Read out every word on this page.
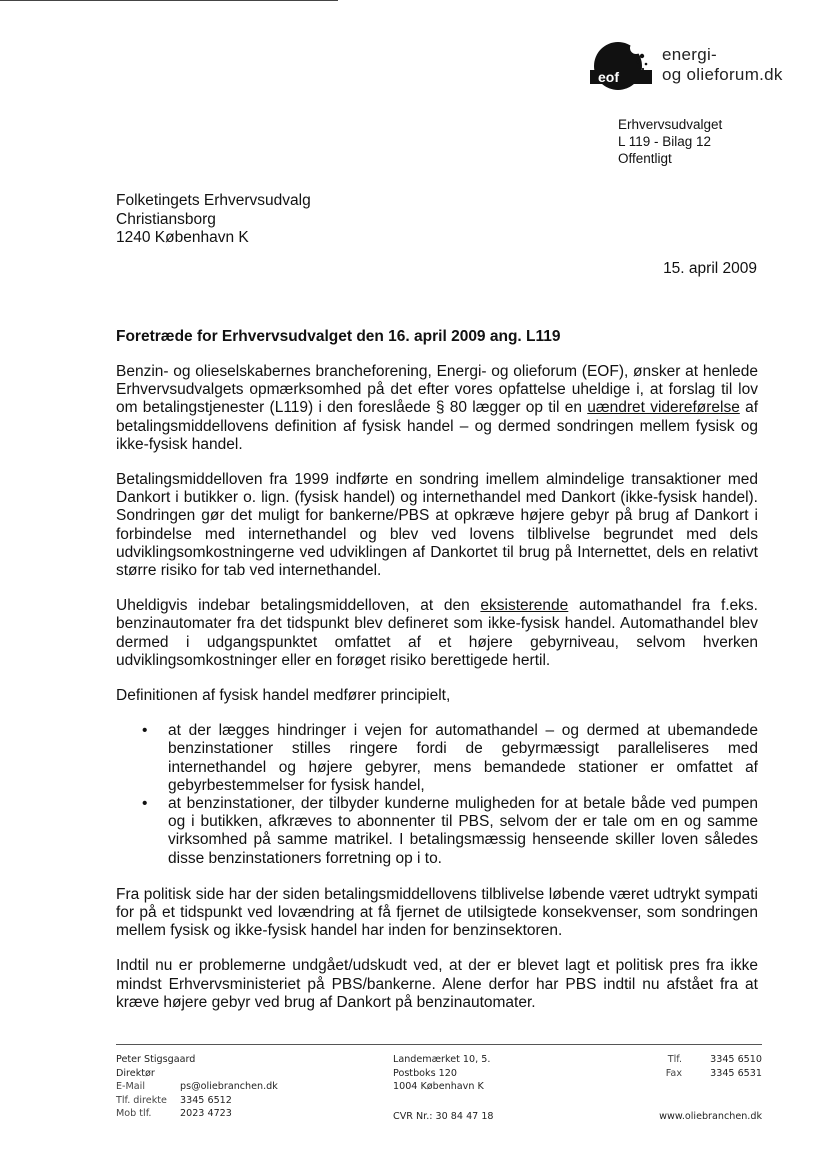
eof
energi-
og olieforum.dk
Erhvervsudvalget
L 119 - Bilag 12
Offentligt
Folketingets Erhvervsudvalg
Christiansborg
1240 København K
15. april 2009
Foretræde for Erhvervsudvalget den 16. april 2009 ang. L119

Benzin- og olieselskabernes brancheforening, Energi- og olieforum (EOF), ønsker at henlede Erhvervsudvalgets opmærksomhed på det efter vores opfattelse uheldige i, at forslag til lov om betalingstjenester (L119) i den foreslåede § 80 lægger op til en uændret videreførelse af betalingsmiddellovens definition af fysisk handel – og dermed sondringen mellem fysisk og ikke-fysisk handel.

Betalingsmiddelloven fra 1999 indførte en sondring imellem almindelige transaktioner med Dankort i butikker o. lign. (fysisk handel) og internethandel med Dankort (ikke-fysisk handel). Sondringen gør det muligt for bankerne/PBS at opkræve højere gebyr på brug af Dankort i forbindelse med internethandel og blev ved lovens tilblivelse begrundet med dels udviklingsomkostningerne ved udviklingen af Dankortet til brug på Internettet, dels en relativt større risiko for tab ved internethandel.

Uheldigvis indebar betalingsmiddelloven, at den eksisterende automathandel fra f.eks. benzinautomater fra det tidspunkt blev defineret som ikke-fysisk handel. Automathandel blev dermed i udgangspunktet omfattet af et højere gebyrniveau, selvom hverken udviklingsomkostninger eller en forøget risiko berettigede hertil.

Definitionen af fysisk handel medfører principielt,

• at der lægges hindringer i vejen for automathandel – og dermed at ubemandede benzinstationer stilles ringere fordi de gebyrmæssigt paralleliseres med internethandel og højere gebyrer, mens bemandede stationer er omfattet af gebyrbestemmelser for fysisk handel,
• at benzinstationer, der tilbyder kunderne muligheden for at betale både ved pumpen og i butikken, afkræves to abonnenter til PBS, selvom der er tale om en og samme virksomhed på samme matrikel. I betalingsmæssig henseende skiller loven således disse benzinstationers forretning op i to.

Fra politisk side har der siden betalingsmiddellovens tilblivelse løbende været udtrykt sympati for på et tidspunkt ved lovændring at få fjernet de utilsigtede konsekvenser, som sondringen mellem fysisk og ikke-fysisk handel har inden for benzinsektoren.

Indtil nu er problemerne undgået/udskudt ved, at der er blevet lagt et politisk pres fra ikke mindst Erhvervsministeriet på PBS/bankerne. Alene derfor har PBS indtil nu afstået fra at kræve højere gebyr ved brug af Dankort på benzinautomater.

Peter Stigsgaard
Direktør
E-Mail	ps@oliebranchen.dk
Tlf. direkte 3345 6512
Mob tlf.	2023 4723
Landemærket 10, 5.
Postboks 120
1004 København K
Tlf.	3345 6510
Fax	3345 6531
CVR Nr.: 30 84 47 18	www.oliebranchen.dk
